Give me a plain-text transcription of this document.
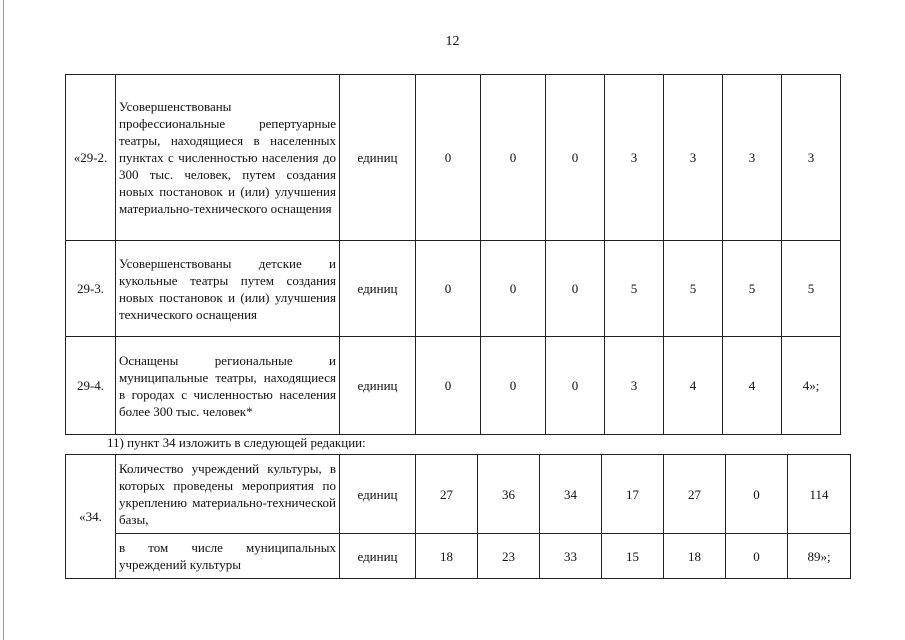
12
«29-2.	Усовершенствованы профессиональные репертуарные театры, находящиеся в населенных пунктах с численностью населения до 300 тыс. человек, путем создания новых постановок и (или) улучшения материально-технического оснащения	единиц	0	0	0	3	3	3	3
29-3.	Усовершенствованы детские и кукольные театры путем создания новых постановок и (или) улучшения технического оснащения	единиц	0	0	0	5	5	5	5
29-4.	Оснащены региональные и муниципальные театры, находящиеся в городах с численностью населения более 300 тыс. человек*	единиц	0	0	0	3	4	4	4»;
11) пункт 34 изложить в следующей редакции:
«34.	Количество учреждений культуры, в которых проведены мероприятия по укреплению материально-технической базы,	единиц	27	36	34	17	27	0	114
	в том числе муниципальных учреждений культуры	единиц	18	23	33	15	18	0	89»;
